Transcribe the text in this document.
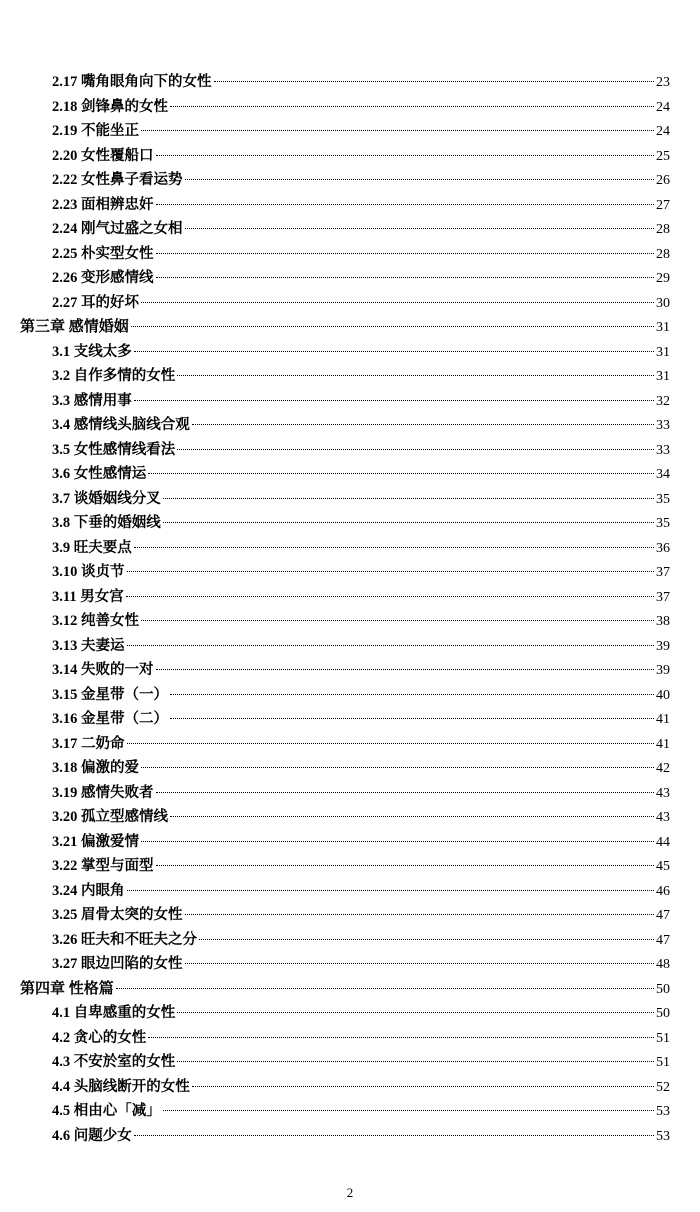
2.17 嘴角眼角向下的女性	23
2.18 剑锋鼻的女性	24
2.19 不能坐正	24
2.20 女性覆船口	25
2.22 女性鼻子看运势	26
2.23 面相辨忠奸	27
2.24 刚气过盛之女相	28
2.25 朴实型女性	28
2.26 变形感情线	29
2.27 耳的好坏	30
第三章 感情婚姻	31
3.1 支线太多	31
3.2 自作多情的女性	31
3.3 感情用事	32
3.4 感情线头脑线合观	33
3.5 女性感情线看法	33
3.6 女性感情运	34
3.7 谈婚姻线分叉	35
3.8 下垂的婚姻线	35
3.9 旺夫要点	36
3.10 谈贞节	37
3.11 男女宫	37
3.12 纯善女性	38
3.13 夫妻运	39
3.14 失败的一对	39
3.15 金星带（一）	40
3.16 金星带（二）	41
3.17 二奶命	41
3.18 偏激的爱	42
3.19 感情失败者	43
3.20 孤立型感情线	43
3.21 偏激爱情	44
3.22 掌型与面型	45
3.24 内眼角	46
3.25 眉骨太突的女性	47
3.26 旺夫和不旺夫之分	47
3.27 眼边凹陷的女性	48
第四章 性格篇	50
4.1 自卑感重的女性	50
4.2 贪心的女性	51
4.3 不安於室的女性	51
4.4 头脑线断开的女性	52
4.5 相由心「减」	53
4.6 问题少女	53
2
